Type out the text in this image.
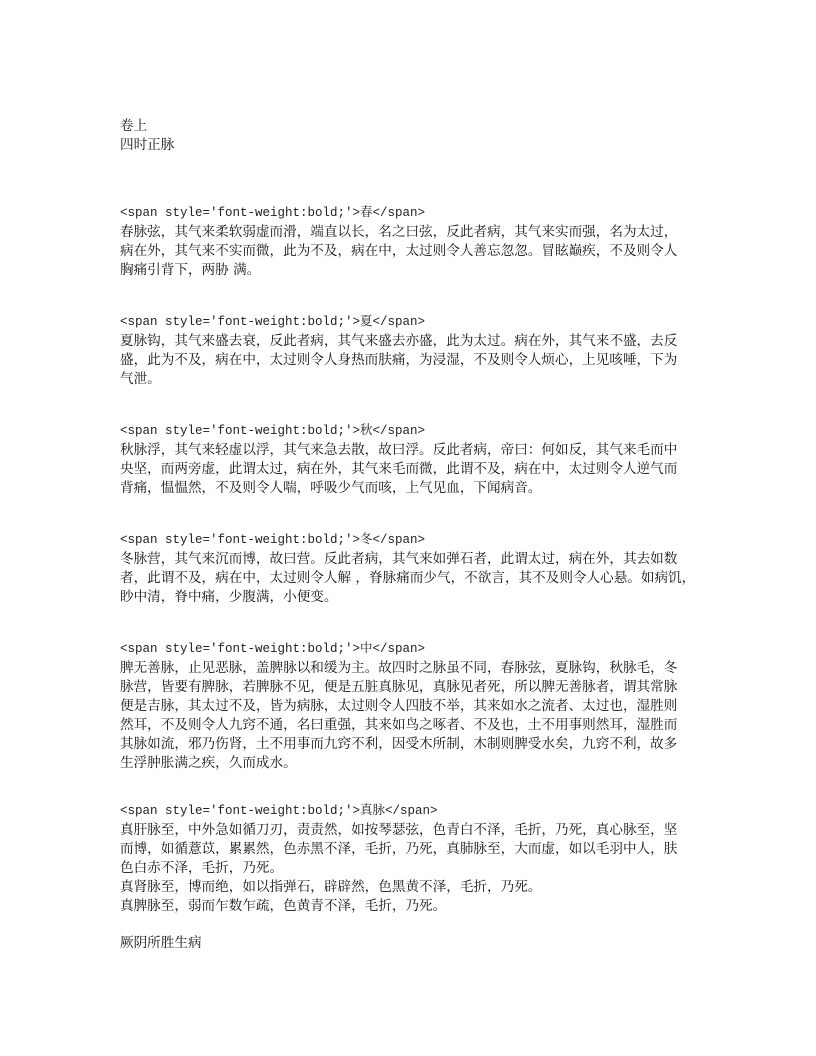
卷上
四时正脉
<span style='font-weight:bold;'>春</span>
春脉弦，其气来柔软弱虚而滑，端直以长，名之曰弦，反此者病，其气来实而强，名为太过，
病在外，其气来不实而微，此为不及，病在中，太过则令人善忘忽忽。冒眩巅疾，不及则令人
胸痛引背下，两胁 满。
<span style='font-weight:bold;'>夏</span>
夏脉钩，其气来盛去衰，反此者病，其气来盛去亦盛，此为太过。病在外，其气来不盛，去反
盛，此为不及，病在中，太过则令人身热而肤痛，为浸湿，不及则令人烦心，上见咳唾，下为
气泄。
<span style='font-weight:bold;'>秋</span>
秋脉浮，其气来轻虚以浮，其气来急去散，故曰浮。反此者病，帝曰：何如反，其气来毛而中
央坚，而两旁虚，此谓太过，病在外，其气来毛而微，此谓不及，病在中，太过则令人逆气而
背痛，愠愠然，不及则令人喘，呼吸少气而咳，上气见血，下闻病音。
<span style='font-weight:bold;'>冬</span>
冬脉营，其气来沉而博，故曰营。反此者病，其气来如弹石者，此谓太过，病在外，其去如数
者，此谓不及，病在中，太过则令人解 ，脊脉痛而少气，不欲言，其不及则令人心悬。如病饥，
眇中清，脊中痛，少腹满，小便变。
<span style='font-weight:bold;'>中</span>
脾无善脉，止见恶脉，盖脾脉以和缓为主。故四时之脉虽不同，春脉弦，夏脉钩，秋脉毛，冬
脉营，皆要有脾脉，若脾脉不见，便是五脏真脉见，真脉见者死，所以脾无善脉者，谓其常脉
便是吉脉，其太过不及，皆为病脉，太过则令人四肢不举，其来如水之流者、太过也，湿胜则
然耳，不及则令人九窍不通，名曰重强，其来如鸟之啄者、不及也，土不用事则然耳，湿胜而
其脉如流，邪乃伤肾，土不用事而九窍不利，因受木所制，木制则脾受水矣，九窍不利，故多
生浮肿胀满之疾，久而成水。
<span style='font-weight:bold;'>真脉</span>
真肝脉至，中外急如循刀刃，责责然，如按琴瑟弦，色青白不泽，毛折，乃死，真心脉至，坚
而博，如循薏苡，累累然，色赤黑不泽，毛折，乃死，真肺脉至，大而虚，如以毛羽中人，肤
色白赤不泽，毛折，乃死。
真肾脉至，博而绝，如以指弹石，辟辟然，色黑黄不泽，毛折，乃死。
真脾脉至，弱而乍数乍疏，色黄青不泽，毛折，乃死。
厥阴所胜生病
